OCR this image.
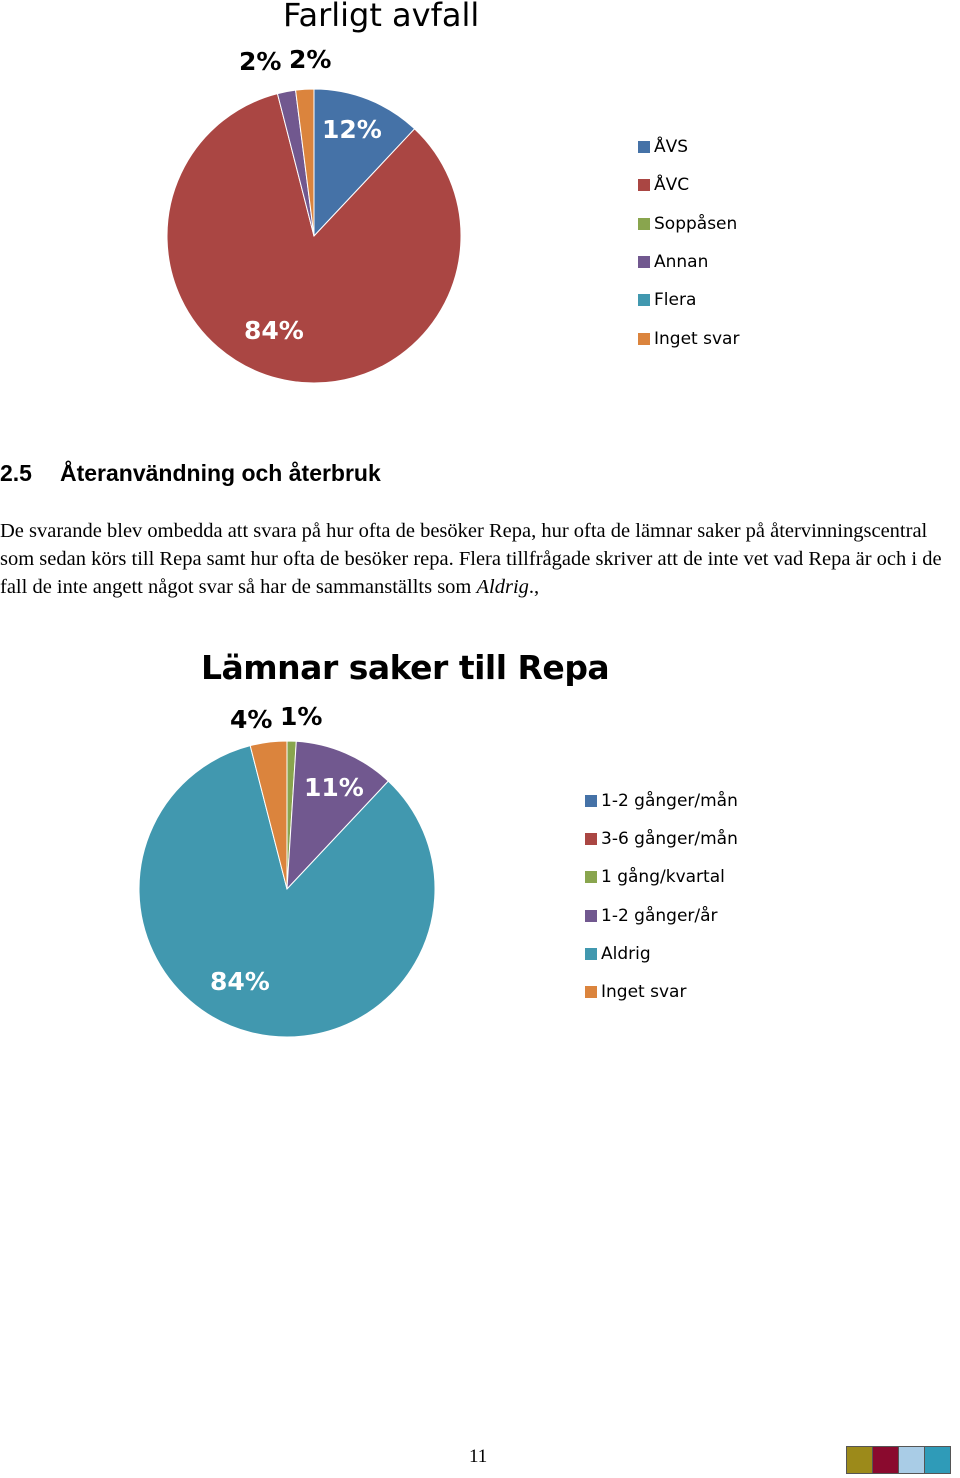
Farligt avfall
2% 2%
12%
84%
ÅVS
ÅVC
Soppåsen
Annan
Flera
Inget svar
2.5 Återanvändning och återbruk
De svarande blev ombedda att svara på hur ofta de besöker Repa, hur ofta de lämnar saker på återvinningscentral som sedan körs till Repa samt hur ofta de besöker repa. Flera tillfrågade skriver att de inte vet vad Repa är och i de fall de inte angett något svar så har de sammanställts som Aldrig.,
Lämnar saker till Repa
4% 1%
11%
84%
1-2 gånger/mån
3-6 gånger/mån
1 gång/kvartal
1-2 gånger/år
Aldrig
Inget svar
11
